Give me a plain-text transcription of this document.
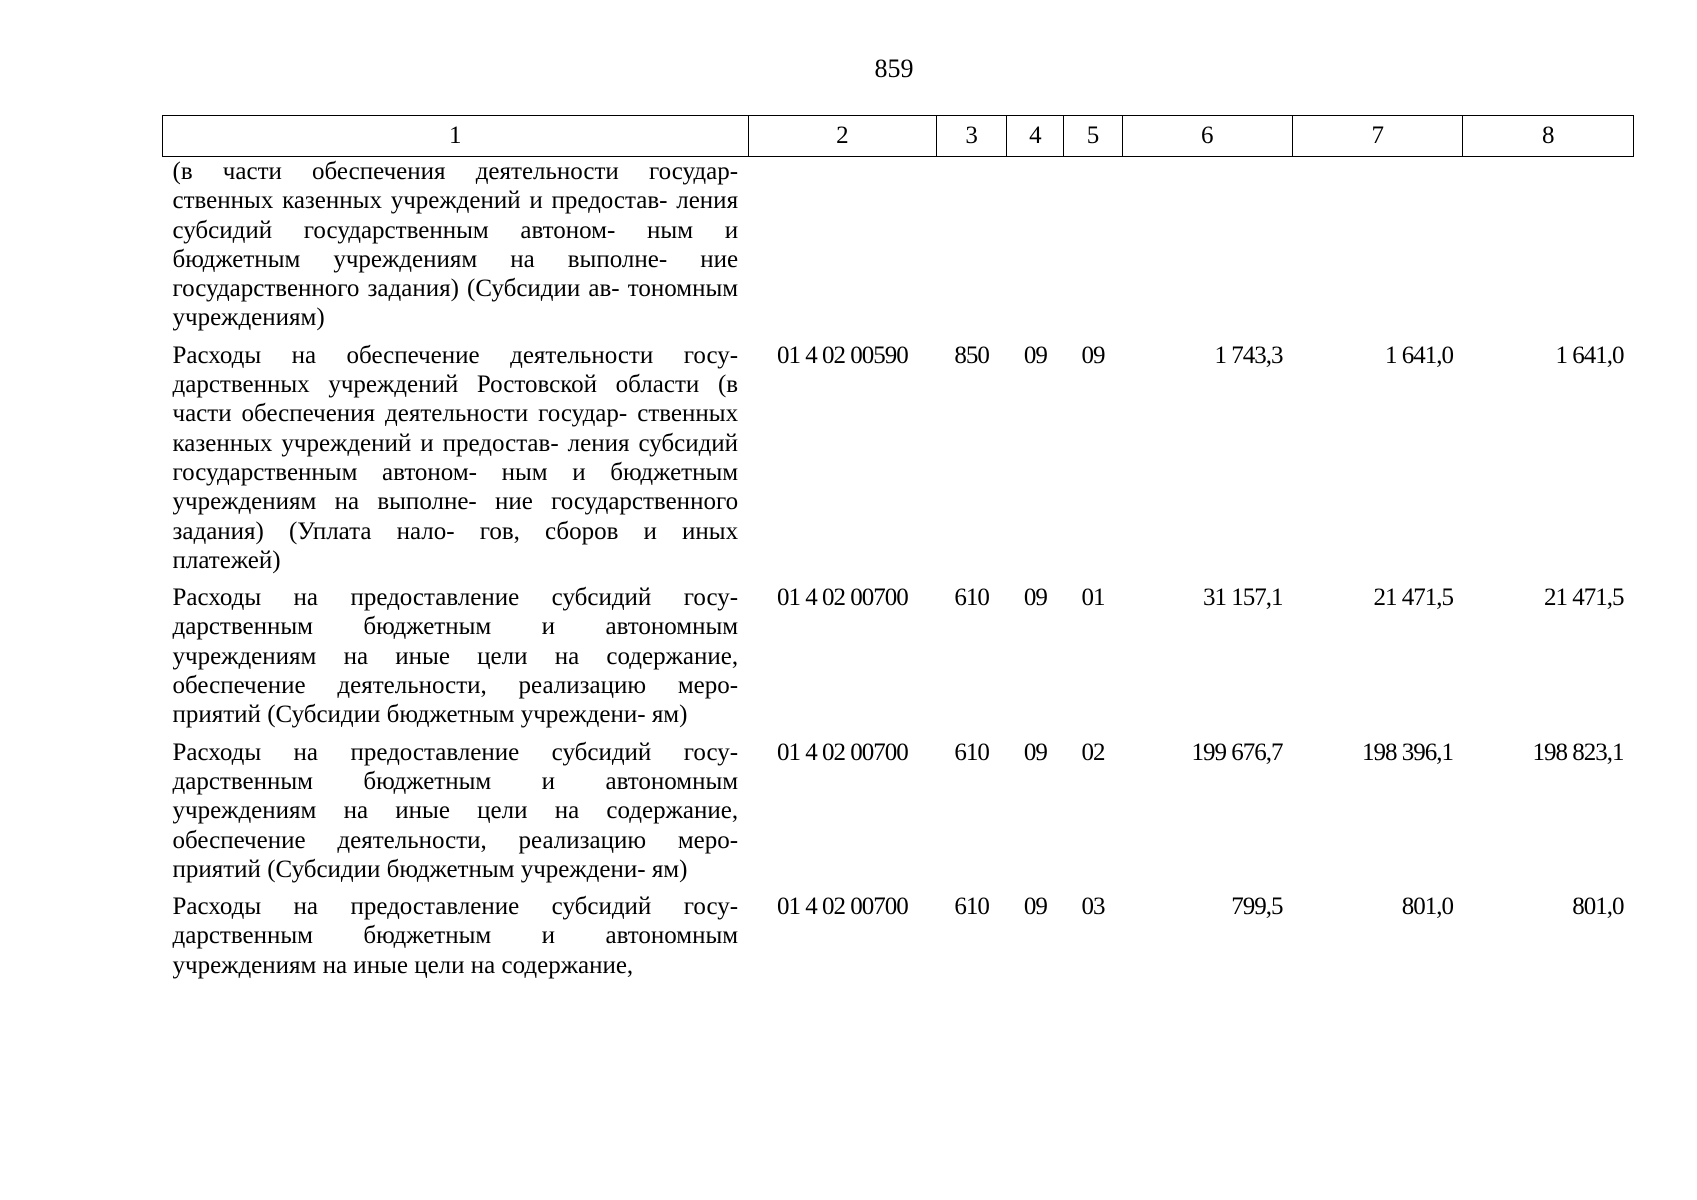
859
1	2	3	4	5	6	7	8
(в части обеспечения деятельности государ- ственных казенных учреждений и предостав- ления субсидий государственным автоном- ным и бюджетным учреждениям на выполне- ние государственного задания) (Субсидии ав- тономным учреждениям)							
Расходы на обеспечение деятельности госу- дарственных учреждений Ростовской области (в части обеспечения деятельности государ- ственных казенных учреждений и предостав- ления субсидий государственным автоном- ным и бюджетным учреждениям на выполне- ние государственного задания) (Уплата нало- гов, сборов и иных платежей)	01 4 02 00590	850	09	09	1 743,3	1 641,0	1 641,0
Расходы на предоставление субсидий госу- дарственным бюджетным и автономным учреждениям на иные цели на содержание, обеспечение деятельности, реализацию меро- приятий (Субсидии бюджетным учреждени- ям)	01 4 02 00700	610	09	01	31 157,1	21 471,5	21 471,5
Расходы на предоставление субсидий госу- дарственным бюджетным и автономным учреждениям на иные цели на содержание, обеспечение деятельности, реализацию меро- приятий (Субсидии бюджетным учреждени- ям)	01 4 02 00700	610	09	02	199 676,7	198 396,1	198 823,1
Расходы на предоставление субсидий госу- дарственным бюджетным и автономным учреждениям на иные цели на содержание,	01 4 02 00700	610	09	03	799,5	801,0	801,0
